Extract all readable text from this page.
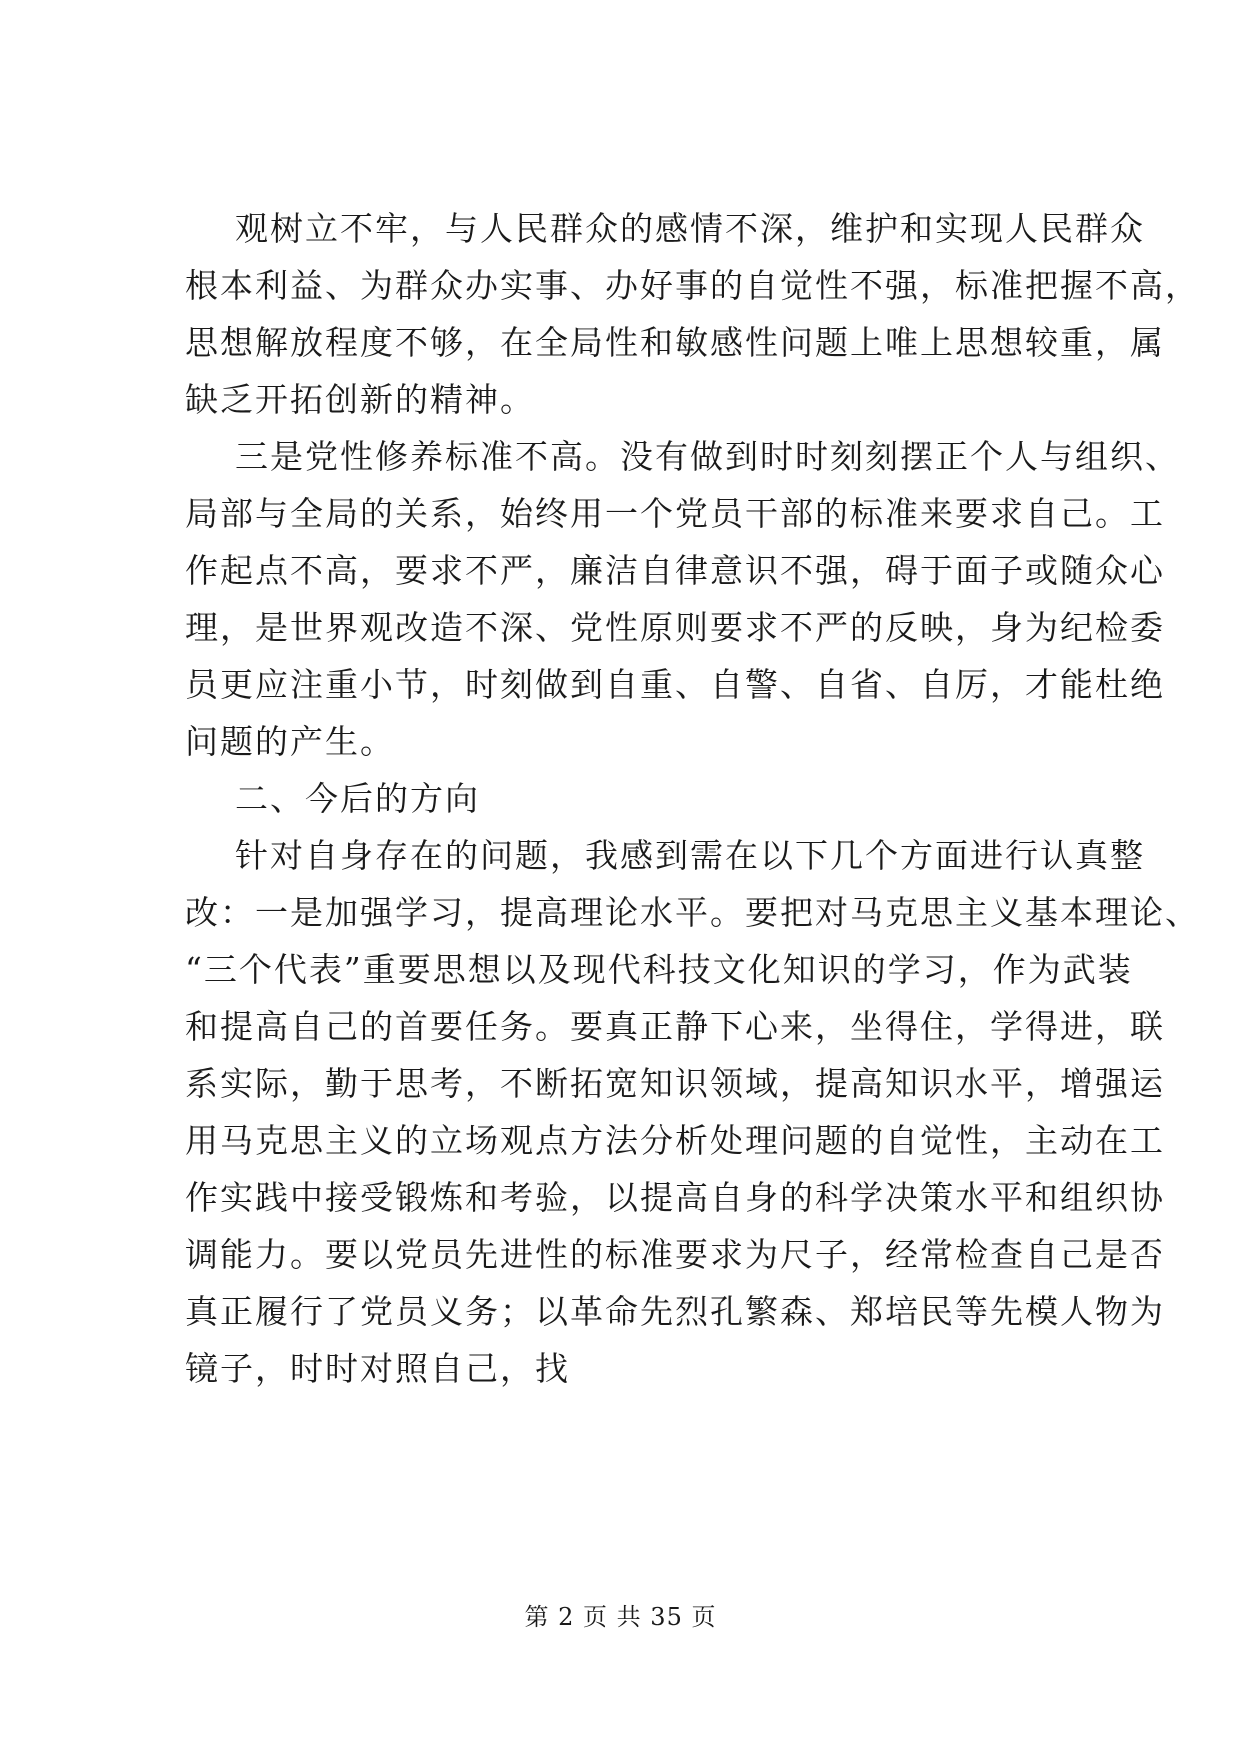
观树立不牢，与人民群众的感情不深，维护和实现人民群众
根本利益、为群众办实事、办好事的自觉性不强，标准把握不高，
思想解放程度不够，在全局性和敏感性问题上唯上思想较重，属
缺乏开拓创新的精神。
三是党性修养标准不高。没有做到时时刻刻摆正个人与组织、
局部与全局的关系，始终用一个党员干部的标准来要求自己。工
作起点不高，要求不严，廉洁自律意识不强，碍于面子或随众心
理，是世界观改造不深、党性原则要求不严的反映，身为纪检委
员更应注重小节，时刻做到自重、自警、自省、自厉，才能杜绝
问题的产生。
二、今后的方向
针对自身存在的问题，我感到需在以下几个方面进行认真整
改：一是加强学习，提高理论水平。要把对马克思主义基本理论、
“三个代表”重要思想以及现代科技文化知识的学习，作为武装
和提高自己的首要任务。要真正静下心来，坐得住，学得进，联
系实际，勤于思考，不断拓宽知识领域，提高知识水平，增强运
用马克思主义的立场观点方法分析处理问题的自觉性，主动在工
作实践中接受锻炼和考验，以提高自身的科学决策水平和组织协
调能力。要以党员先进性的标准要求为尺子，经常检查自己是否
真正履行了党员义务；以革命先烈孔繁森、郑培民等先模人物为
镜子，时时对照自己，找
第 2 页 共 35 页
